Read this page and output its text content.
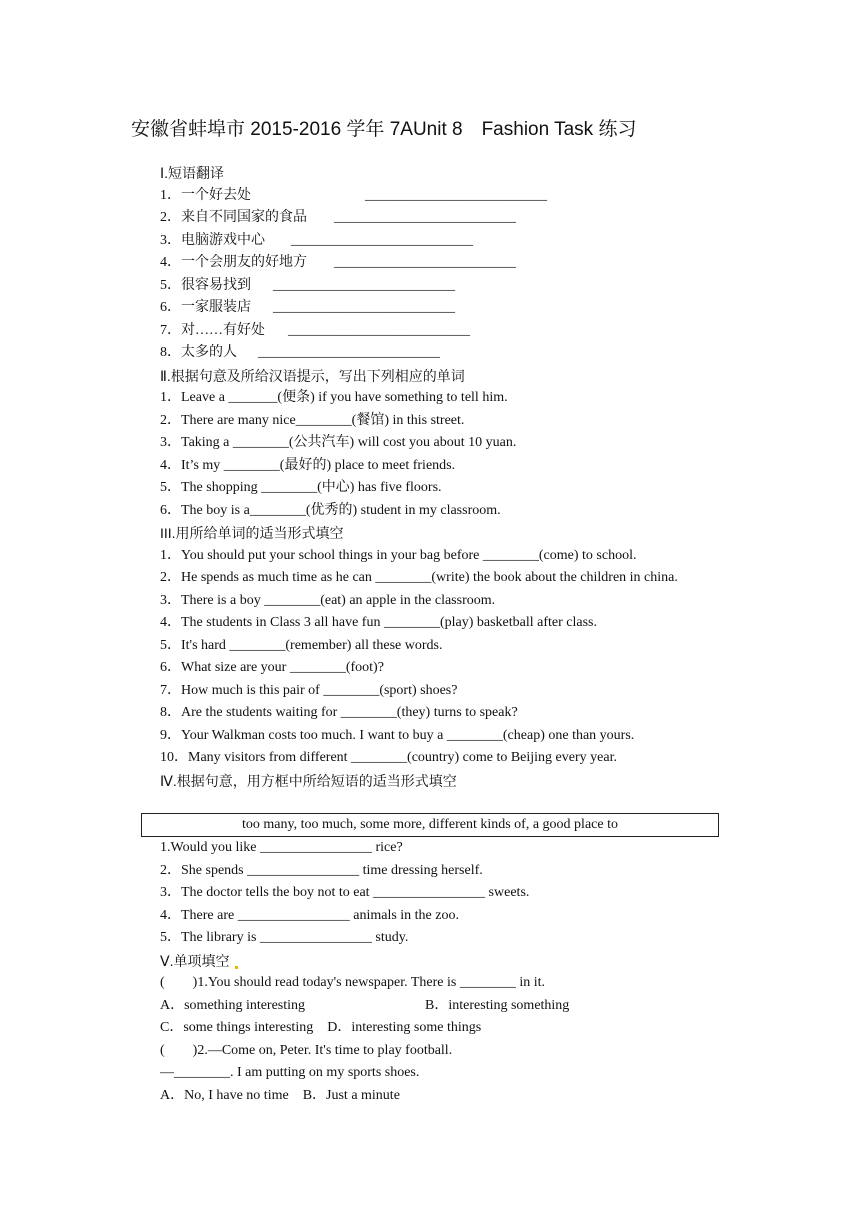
安徽省蚌埠市 2015-2016 学年 7AUnit 8　Fashion Task 练习
Ⅰ.短语翻译
1．一个好去处	__________________________
2．来自不同国家的食品 __________________________
3．电脑游戏中心 __________________________
4．一个会朋友的好地方 __________________________
5．很容易找到 __________________________
6．一家服装店 __________________________
7．对……有好处 __________________________
8．太多的人 __________________________
Ⅱ.根据句意及所给汉语提示，写出下列相应的单词
1．Leave a _______(便条) if you have something to tell him.
2．There are many nice________(餐馆) in this street.
3．Taking a ________(公共汽车) will cost you about 10 yuan.
4．It’s my ________(最好的) place to meet friends.
5．The shopping ________(中心) has five floors.
6．The boy is a________(优秀的) student in my classroom.
III.用所给单词的适当形式填空
1．You should put your school things in your bag before ________(come) to school.
2．He spends as much time as he can ________(write) the book about the children in china.
3．There is a boy ________(eat) an apple in the classroom.
4．The students in Class 3 all have fun ________(play) basketball after class.
5．It's hard ________(remember) all these words.
6．What size are your ________(foot)?
7．How much is this pair of ________(sport) shoes?
8．Are the students waiting for ________(they) turns to speak?
9．Your Walkman costs too much. I want to buy a ________(cheap) one than yours.
10．Many visitors from different ________(country) come to Beijing every year.
Ⅳ.根据句意，用方框中所给短语的适当形式填空
too many, too much, some more, different kinds of, a good place to
1.Would you like ________________ rice?
2．She spends ________________ time dressing herself.
3．The doctor tells the boy not to eat ________________ sweets.
4．There are ________________ animals in the zoo.
5．The library is ________________ study.
Ⅴ.单项填空
(　　)1.You should read today's newspaper. There is ________ in it.
A．something interesting	B．interesting something
C．some things interesting　D．interesting some things
(　　)2.—Come on, Peter. It's time to play football.
—________. I am putting on my sports shoes.
A．No, I have no time　B．Just a minute
